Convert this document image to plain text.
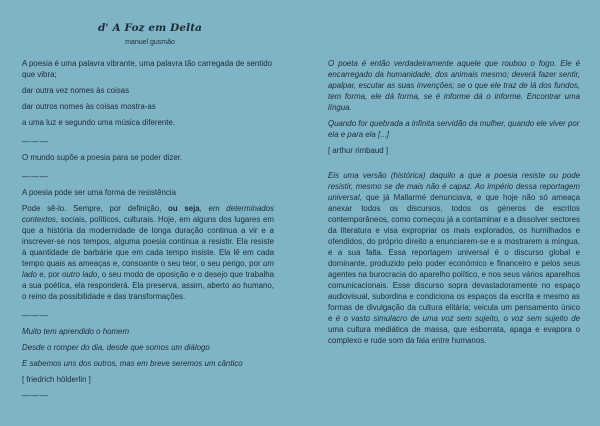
d' A Foz em Delta
manuel gusmão

A poesia é uma palavra vibrante, uma palavra tão carregada de sentido que vibra;

dar outra vez nomes às coisas

dar outros nomes às coisas mostra-as

a uma luz e segundo uma música diferente.

———

O mundo supõe a poesia para se poder dizer.

———

A poesia pode ser uma forma de resistência

Pode sê-lo. Sempre, por definição, ou seja, em determinados contextos, sociais, políticos, culturais. Hoje, em alguns dos lugares em que a história da modernidade de longa duração continua a vir e a inscrever-se nos tempos, alguma poesia continua a resistir. Ela resiste à quantidade de barbárie que em cada tempo insiste. Ela lê em cada tempo quais as ameaças e, consoante o seu teor, o seu perigo, por um lado e, por outro lado, o seu modo de oposição e o desejo que trabalha a sua poética, ela responderá. Ela preserva, assim, aberto ao humano, o reino da possibilidade e das transformações.

———

Muito tem aprendido o homem

Desde o romper do dia, desde que somos um diálogo

E sabemos uns dos outros, mas em breve seremos um cântico

[ friedrich hölderlin ]

———

O poeta é então verdadeiramente aquele que roubou o fogo. Ele é encarregado da humanidade, dos animais mesmo; deverá fazer sentir, apalpar, escutar as suas invenções; se o que ele traz de lá dos fundos, tem forma, ele dá forma, se é informe dá o informe. Encontrar uma língua.

Quando for quebrada a infinita servidão da mulher, quando ele viver por ela e para ela [...]

[ arthur rimbaud ]

Eis uma versão (histórica) daquilo a que a poesia resiste ou pode resistir, mesmo se de mais não é capaz. Ao império dessa reportagem universal, que já Mallarmé denunciava, e que hoje não só ameaça anexar todos os discursos, todos os géneros de escritos contemporâneos, como começou já a contaminar e a dissolver sectores da literatura e visa expropriar os mais explorados, os humilhados e ofendidos, do próprio direito a enunciarem-se e a mostrarem a míngua, e a sua falta. Essa reportagem universal é o discurso global e dominante, produzido pelo poder económico e financeiro e pelos seus agentes na burocracia do aparelho político, e nos seus vários aparelhos comunicacionais. Esse discurso sopra devastadoramente no espaço audiovisual, subordina e condiciona os espaços da escrita e mesmo as formas de divulgação da cultura elitária; veicula um pensamento único e é o vasto simulacro de uma voz sem sujeito, o voz sem sujeito de uma cultura mediática de massa, que esborrata, apaga e evapora o complexo e rude som da fala entre humanos.
